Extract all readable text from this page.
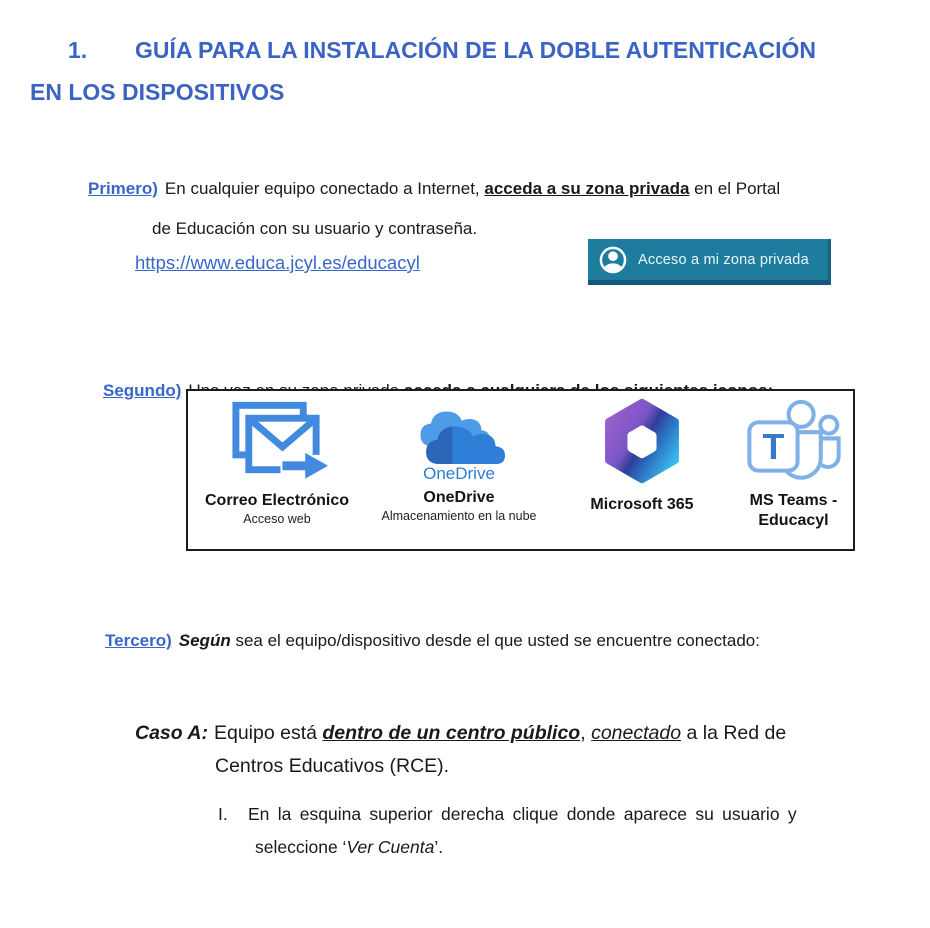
1. GUÍA PARA LA INSTALACIÓN DE LA DOBLE AUTENTICACIÓN
EN LOS DISPOSITIVOS

Primero) En cualquier equipo conectado a Internet, acceda a su zona privada en el Portal
de Educación con su usuario y contraseña.

https://www.educa.jcyl.es/educacyl	Acceso a mi zona privada

Segundo)

Correo Electrónico
Acceso web
OneDrive
OneDrive
Almacenamiento en la nube
Microsoft 365
T
MS Teams -
Educacyl

Tercero) Según sea el equipo/dispositivo desde el que usted se encuentre conectado:

Caso A: Equipo está dentro de un centro público, conectado a la Red de
Centros Educativos (RCE).

I. En la esquina superior derecha clique donde aparece su usuario y
seleccione ‘Ver Cuenta’.
